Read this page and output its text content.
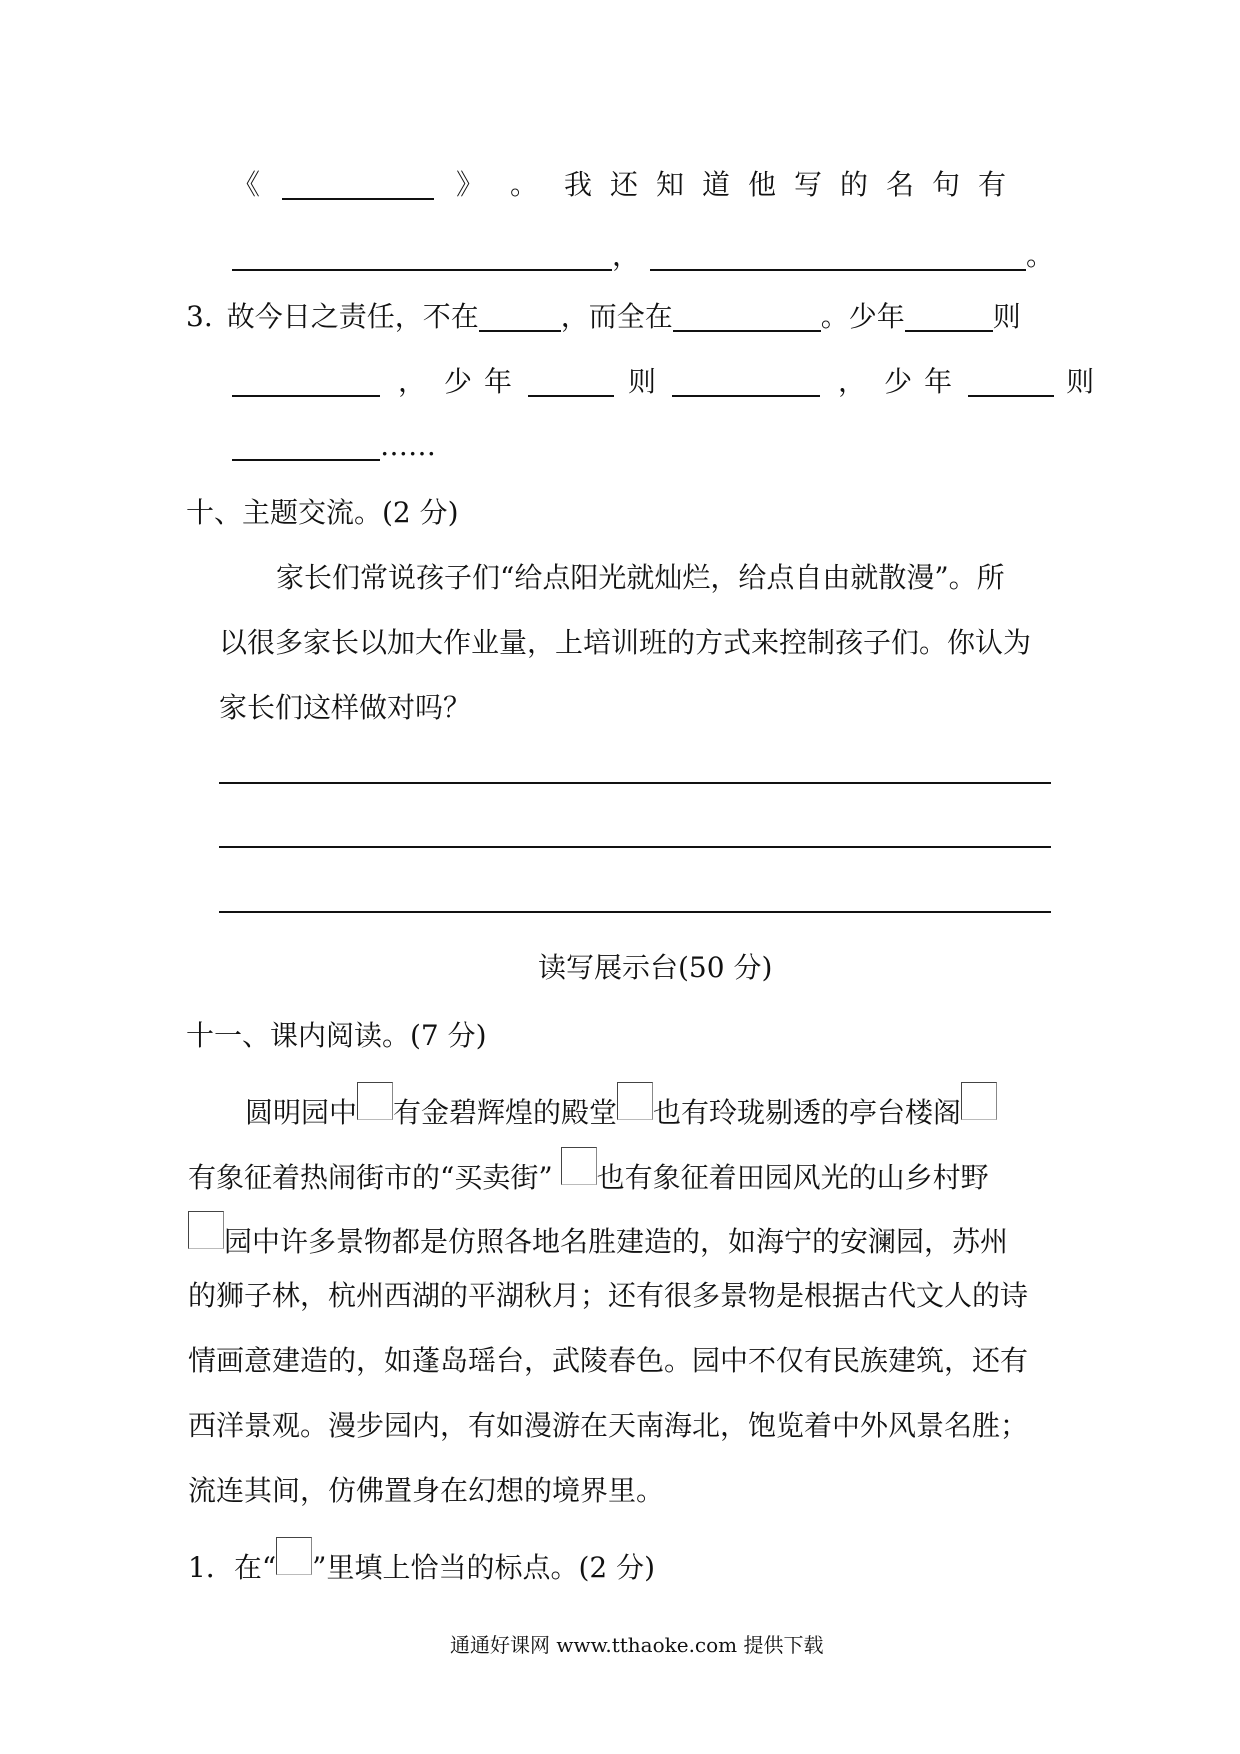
《	》 。 我还知道他写的名句有
，	。
3. 故今日之责任，不在	，而全在	。少年	则
， 少年	则	， 少年	则
……
十、主题交流。(2 分)
家长们常说孩子们“给点阳光就灿烂，给点自由就散漫”。所
以很多家长以加大作业量，上培训班的方式来控制孩子们。你认为
家长们这样做对吗？
读写展示台(50 分)
十一、课内阅读。(7 分)
圆明园中 有金碧辉煌的殿堂 也有玲珑剔透的亭台楼阁
有象征着热闹街市的“买卖街” 也有象征着田园风光的山乡村野
园中许多景物都是仿照各地名胜建造的，如海宁的安澜园，苏州
的狮子林，杭州西湖的平湖秋月；还有很多景物是根据古代文人的诗
情画意建造的，如蓬岛瑶台，武陵春色。园中不仅有民族建筑，还有
西洋景观。漫步园内，有如漫游在天南海北，饱览着中外风景名胜；
流连其间，仿佛置身在幻想的境界里。
1．在“ ”里填上恰当的标点。(2 分)
通通好课网 www.tthaoke.com 提供下载
